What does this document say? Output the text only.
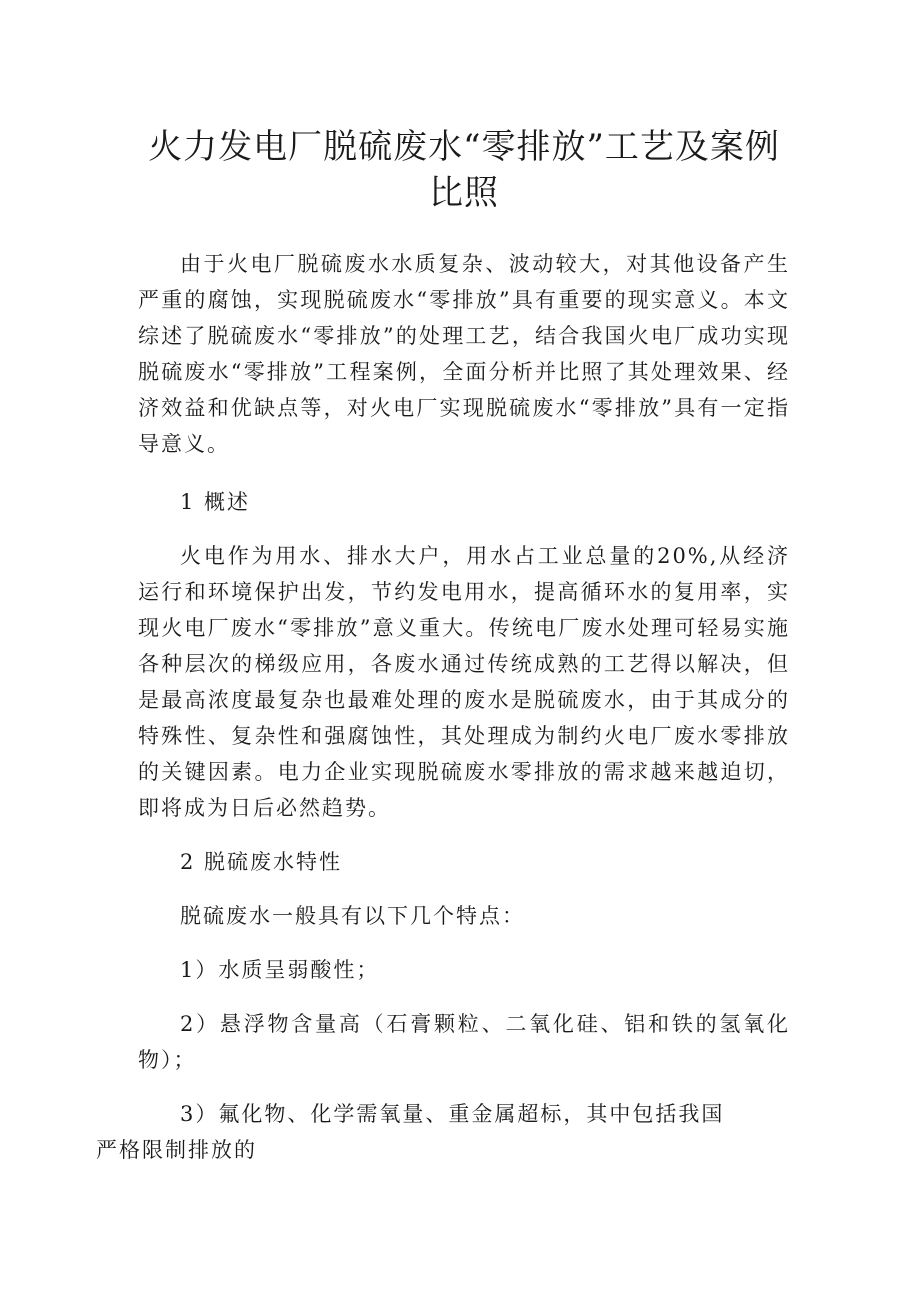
火力发电厂脱硫废水“零排放”工艺及案例
比照

由于火电厂脱硫废水水质复杂、波动较大，对其他设备产生严重的腐蚀，实现脱硫废水“零排放”具有重要的现实意义。本文综述了脱硫废水“零排放”的处理工艺，结合我国火电厂成功实现脱硫废水“零排放”工程案例，全面分析并比照了其处理效果、经济效益和优缺点等，对火电厂实现脱硫废水“零排放”具有一定指导意义。

1 概述

火电作为用水、排水大户，用水占工业总量的20%,从经济运行和环境保护出发，节约发电用水，提高循环水的复用率，实现火电厂废水“零排放”意义重大。传统电厂废水处理可轻易实施各种层次的梯级应用，各废水通过传统成熟的工艺得以解决，但是最高浓度最复杂也最难处理的废水是脱硫废水，由于其成分的特殊性、复杂性和强腐蚀性，其处理成为制约火电厂废水零排放的关键因素。电力企业实现脱硫废水零排放的需求越来越迫切，即将成为日后必然趋势。

2 脱硫废水特性

脱硫废水一般具有以下几个特点：

1）水质呈弱酸性；

2）悬浮物含量高（石膏颗粒、二氧化硅、铝和铁的氢氧化物）；

3）氟化物、化学需氧量、重金属超标，其中包括我国
严格限制排放的
